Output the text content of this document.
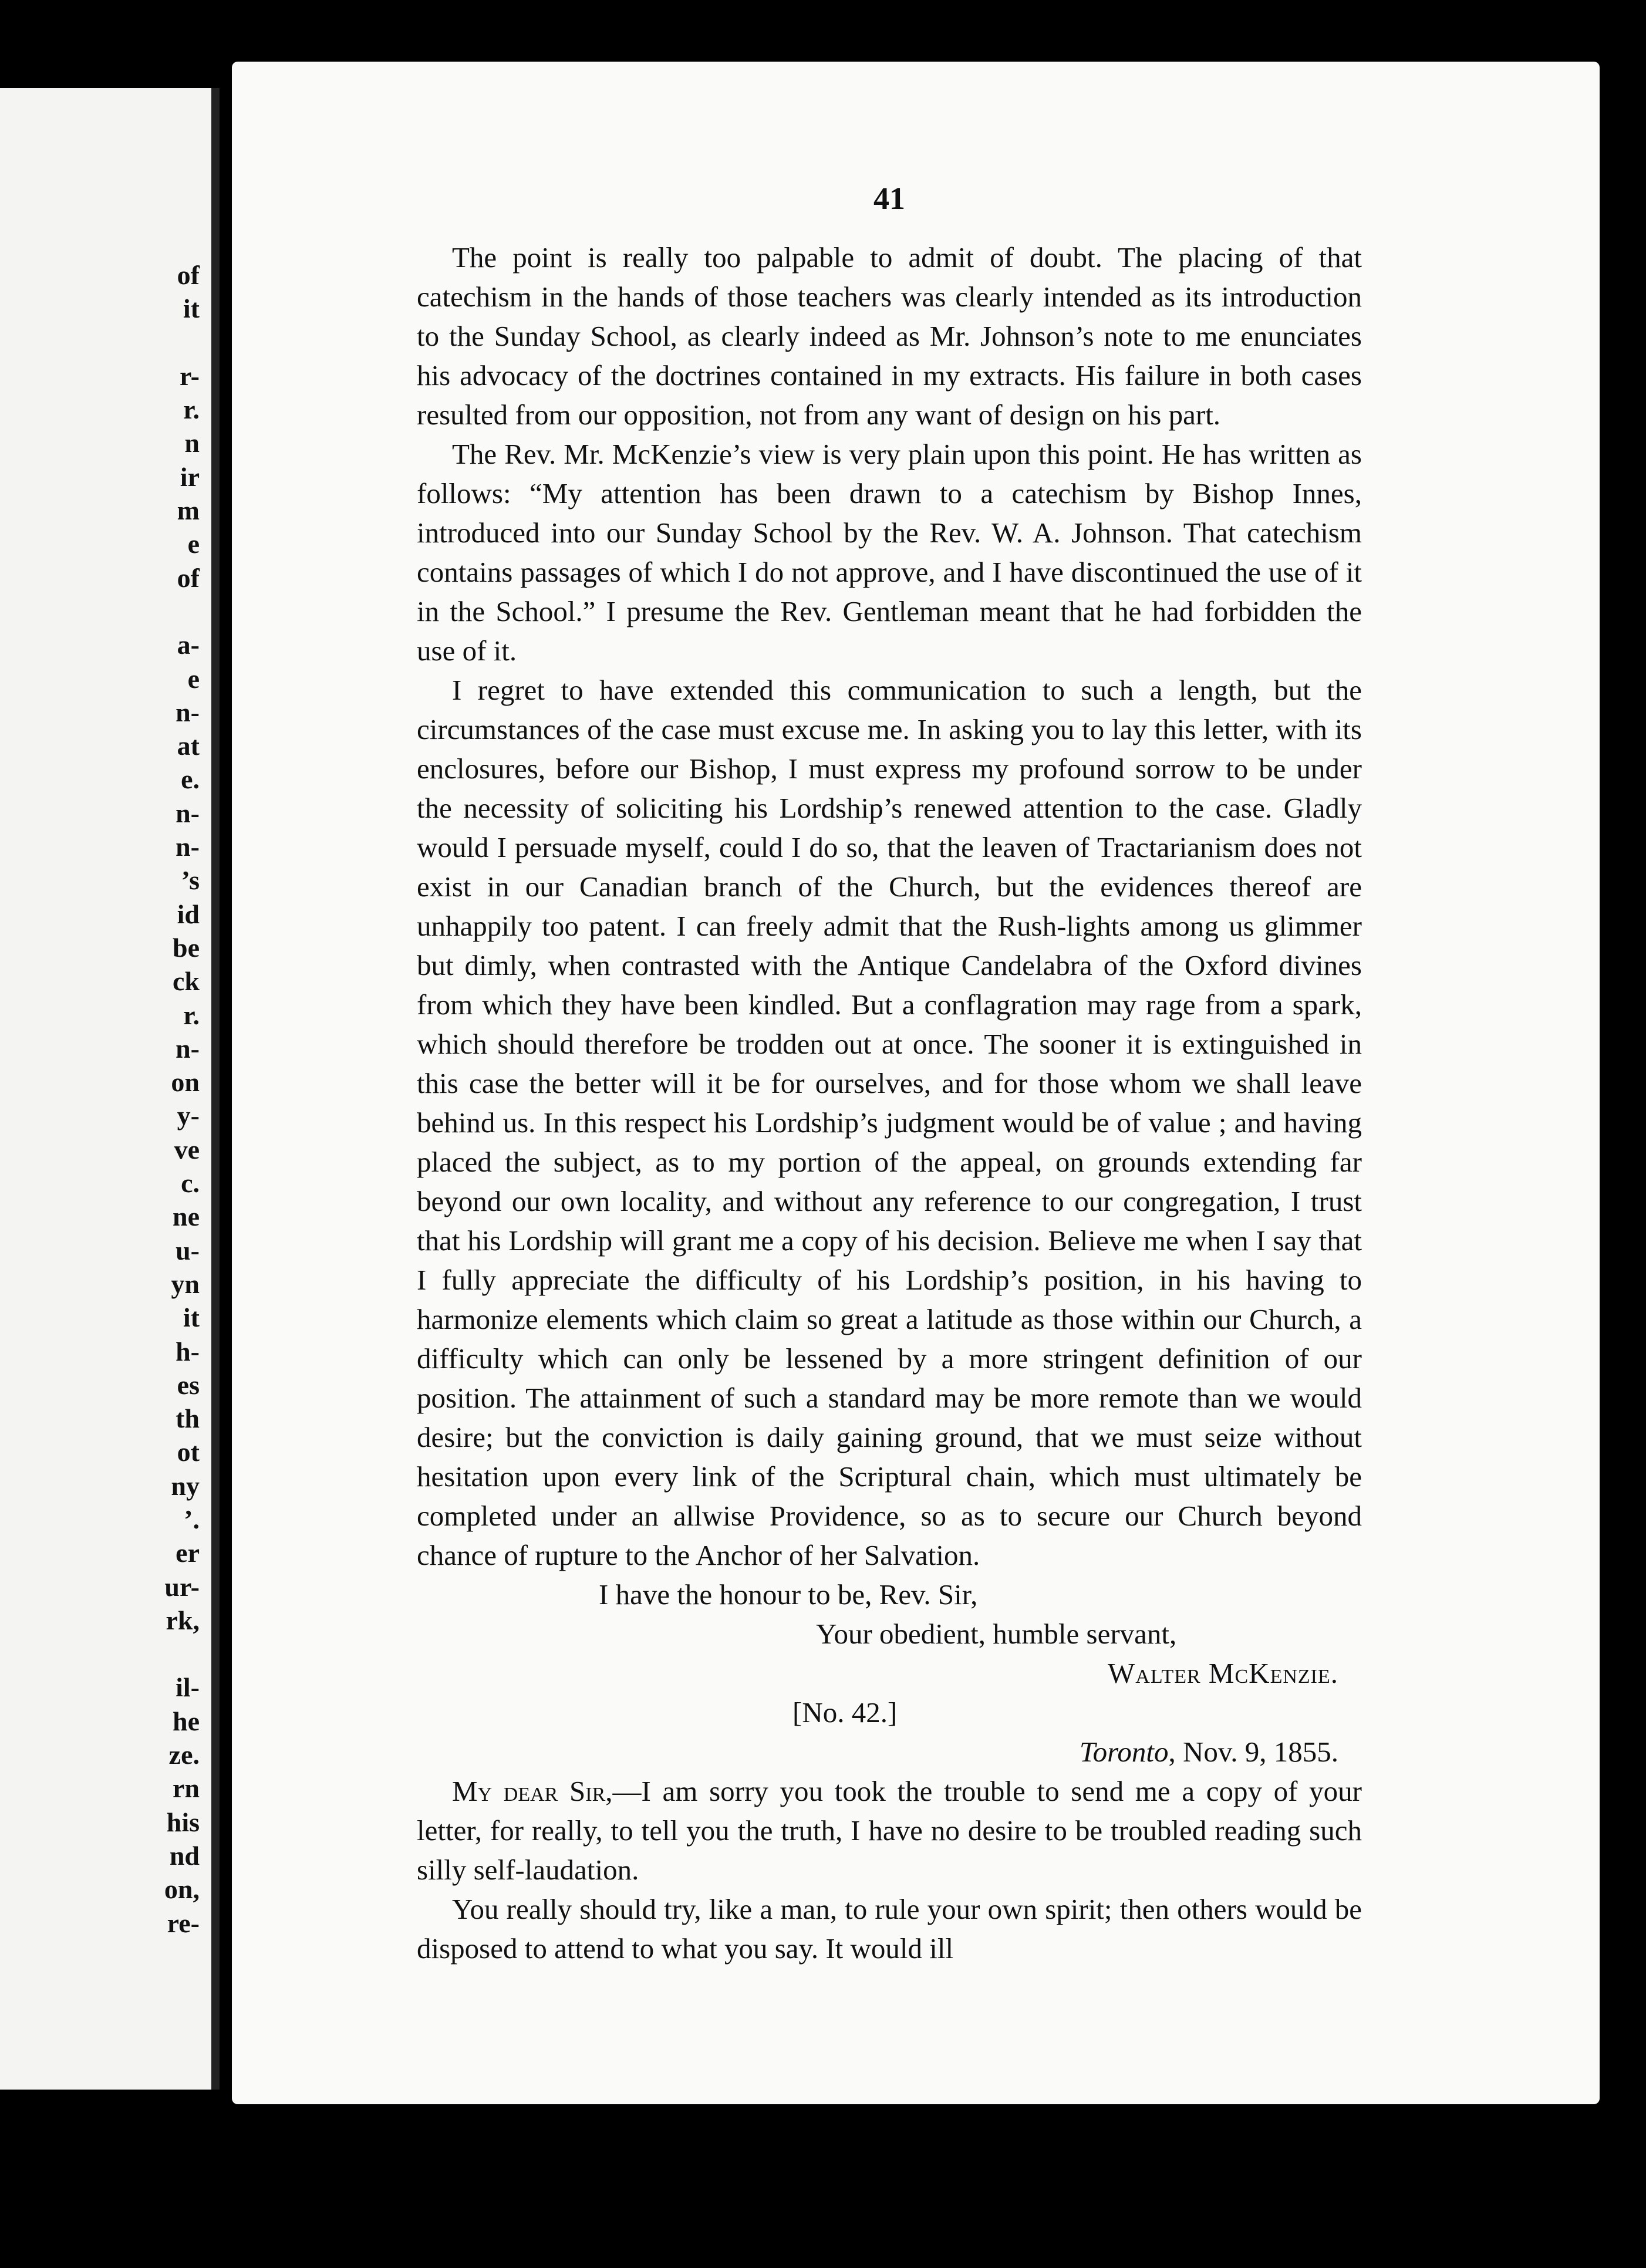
of
it

r-
r.
n
ir
m
e
of

a-
e
n-
at
e.
n-
n-
’s
id
be
ck
r.
n-
on
y-
ve
c.
ne
u-
yn
it
h-
es
th
ot
ny
’.
er
ur-
rk,

il-
he
ze.
rn
his
nd
on,
re-
41

The point is really too palpable to admit of doubt. The placing of that catechism in the hands of those teachers was clearly intended as its introduction to the Sunday School, as clearly indeed as Mr. Johnson’s note to me enunciates his advocacy of the doctrines contained in my extracts. His failure in both cases resulted from our opposition, not from any want of design on his part.

The Rev. Mr. McKenzie’s view is very plain upon this point. He has written as follows: “My attention has been drawn to a catechism by Bishop Innes, introduced into our Sunday School by the Rev. W. A. Johnson. That catechism contains passages of which I do not approve, and I have discontinued the use of it in the School.” I presume the Rev. Gentleman meant that he had forbidden the use of it.

I regret to have extended this communication to such a length, but the circumstances of the case must excuse me. In asking you to lay this letter, with its enclosures, before our Bishop, I must express my profound sorrow to be under the necessity of soliciting his Lordship’s renewed attention to the case. Gladly would I persuade myself, could I do so, that the leaven of Tractarianism does not exist in our Canadian branch of the Church, but the evidences thereof are unhappily too patent. I can freely admit that the Rush-lights among us glimmer but dimly, when contrasted with the Antique Candelabra of the Oxford divines from which they have been kindled. But a conflagration may rage from a spark, which should therefore be trodden out at once. The sooner it is extinguished in this case the better will it be for ourselves, and for those whom we shall leave behind us. In this respect his Lordship’s judgment would be of value ; and having placed the subject, as to my portion of the appeal, on grounds extending far beyond our own locality, and without any reference to our congregation, I trust that his Lordship will grant me a copy of his decision. Believe me when I say that I fully appreciate the difficulty of his Lordship’s position, in his having to harmonize elements which claim so great a latitude as those within our Church, a difficulty which can only be lessened by a more stringent definition of our position. The attainment of such a standard may be more remote than we would desire; but the conviction is daily gaining ground, that we must seize without hesitation upon every link of the Scriptural chain, which must ultimately be completed under an allwise Providence, so as to secure our Church beyond chance of rupture to the Anchor of her Salvation.

I have the honour to be, Rev. Sir,

Your obedient, humble servant,

Walter McKenzie.

[No. 42.]
Toronto, Nov. 9, 1855.

My dear Sir,—I am sorry you took the trouble to send me a copy of your letter, for really, to tell you the truth, I have no desire to be troubled reading such silly self-laudation.

You really should try, like a man, to rule your own spirit; then others would be disposed to attend to what you say. It would ill
